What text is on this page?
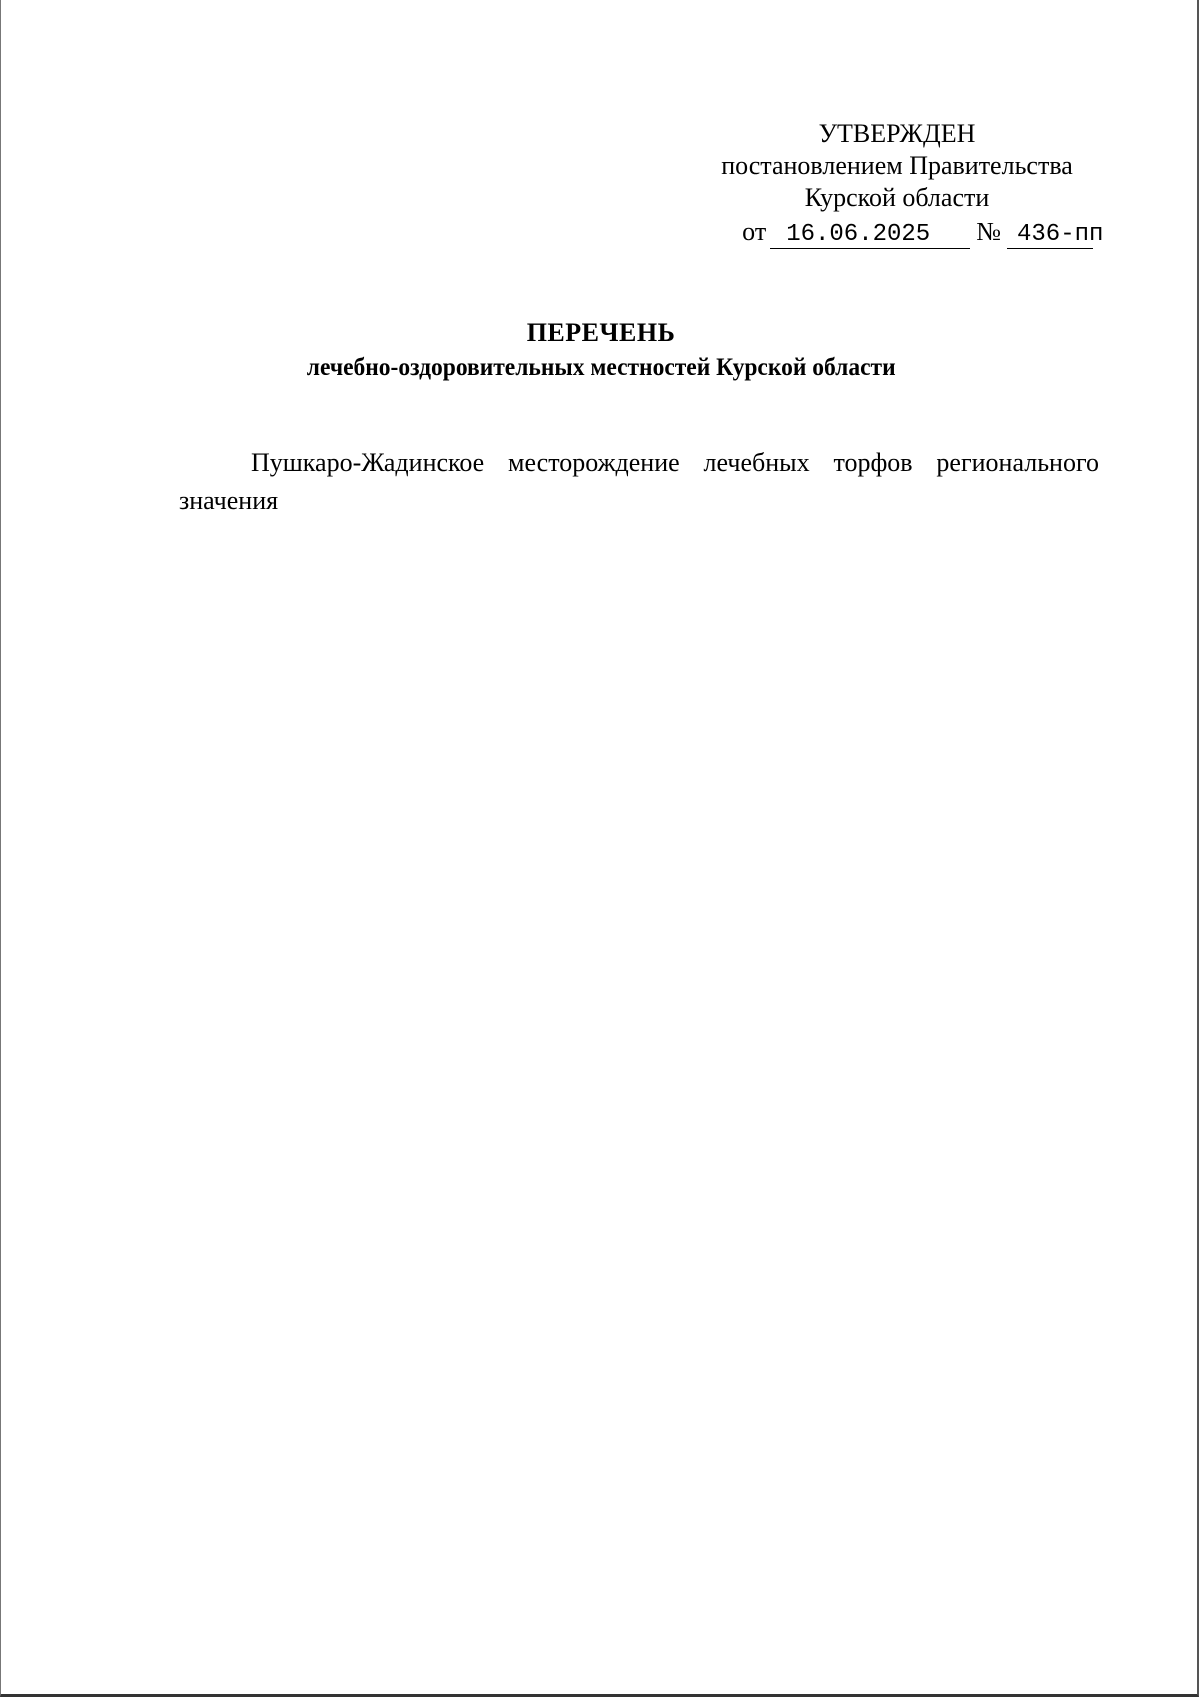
УТВЕРЖДЕН
постановлением Правительства
Курской области
от 16.06.2025 № 436-пп
ПЕРЕЧЕНЬ
лечебно-оздоровительных местностей Курской области
Пушкаро-Жадинское месторождение лечебных торфов регионального значения
